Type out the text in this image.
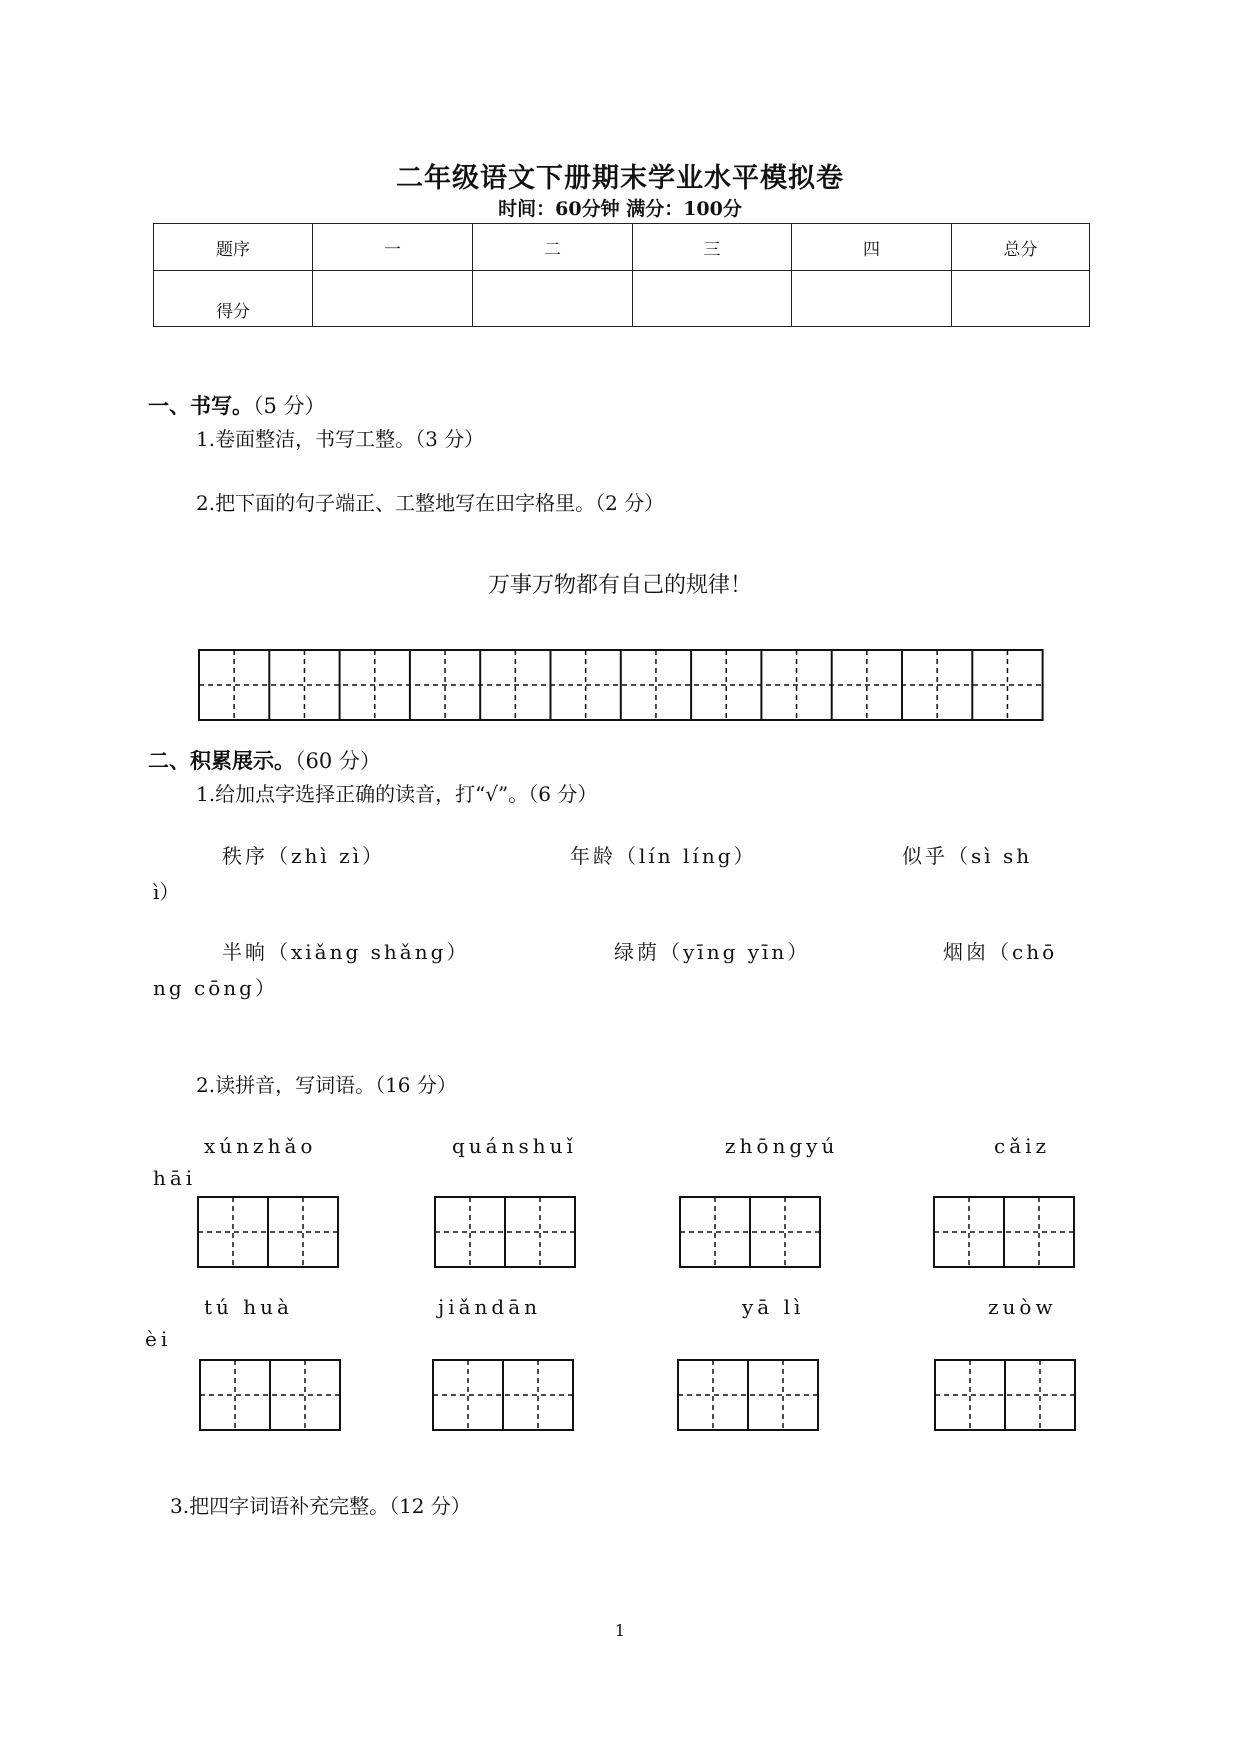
二年级语文下册期末学业水平模拟卷
时间：60分钟 满分：100分
题序	一	二	三	四	总分
得分					
一、书写。（5 分）
1.卷面整洁，书写工整。（3 分）
2.把下面的句子端正、工整地写在田字格里。（2 分）
万事万物都有自己的规律！
二、积累展示。（60 分）
1.给加点字选择正确的读音，打“√”。（6 分）
秩序（zhì zì）	年龄（lín líng）	似乎（sì sh
ì）
半晌（xiǎng shǎng）	绿荫（yīng yīn）	烟囱（chō
ng cōng）
2.读拼音，写词语。（16 分）
xúnzhǎo	quánshuǐ	zhōngyú	cǎiz
hāi
tú huà	jiǎndān	yā lì	zuòw
èi
3.把四字词语补充完整。（12 分）
1
